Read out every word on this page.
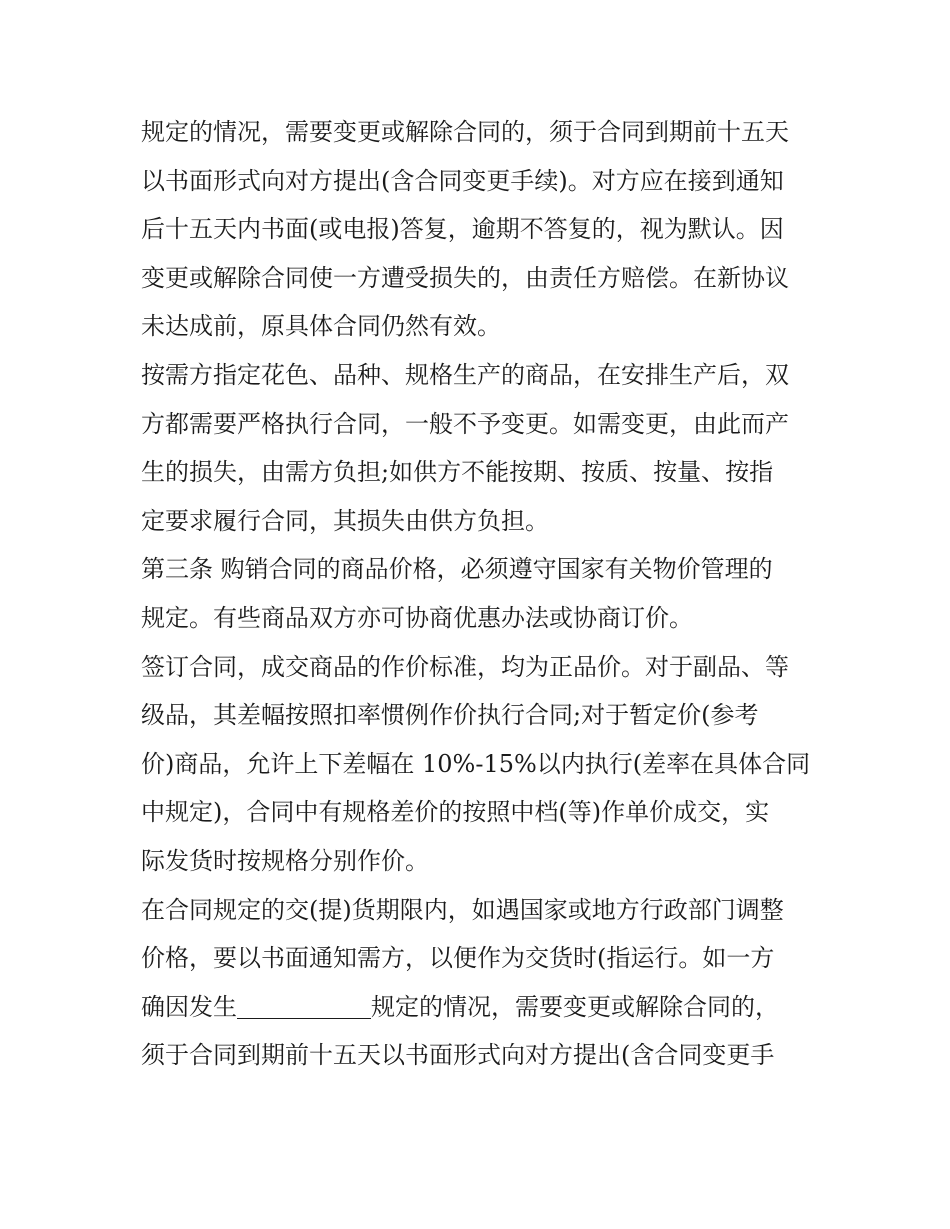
规定的情况，需要变更或解除合同的，须于合同到期前十五天
以书面形式向对方提出(含合同变更手续)。对方应在接到通知
后十五天内书面(或电报)答复，逾期不答复的，视为默认。因
变更或解除合同使一方遭受损失的，由责任方赔偿。在新协议
未达成前，原具体合同仍然有效。
按需方指定花色、品种、规格生产的商品，在安排生产后，双
方都需要严格执行合同，一般不予变更。如需变更，由此而产
生的损失，由需方负担;如供方不能按期、按质、按量、按指
定要求履行合同，其损失由供方负担。
第三条 购销合同的商品价格，必须遵守国家有关物价管理的
规定。有些商品双方亦可协商优惠办法或协商订价。
签订合同，成交商品的作价标准，均为正品价。对于副品、等
级品，其差幅按照扣率惯例作价执行合同;对于暂定价(参考
价)商品，允许上下差幅在 10%-15%以内执行(差率在具体合同
中规定)，合同中有规格差价的按照中档(等)作单价成交，实
际发货时按规格分别作价。
在合同规定的交(提)货期限内，如遇国家或地方行政部门调整
价格，要以书面通知需方，以便作为交货时(指运行。如一方
确因发生	规定的情况，需要变更或解除合同的，
须于合同到期前十五天以书面形式向对方提出(含合同变更手
